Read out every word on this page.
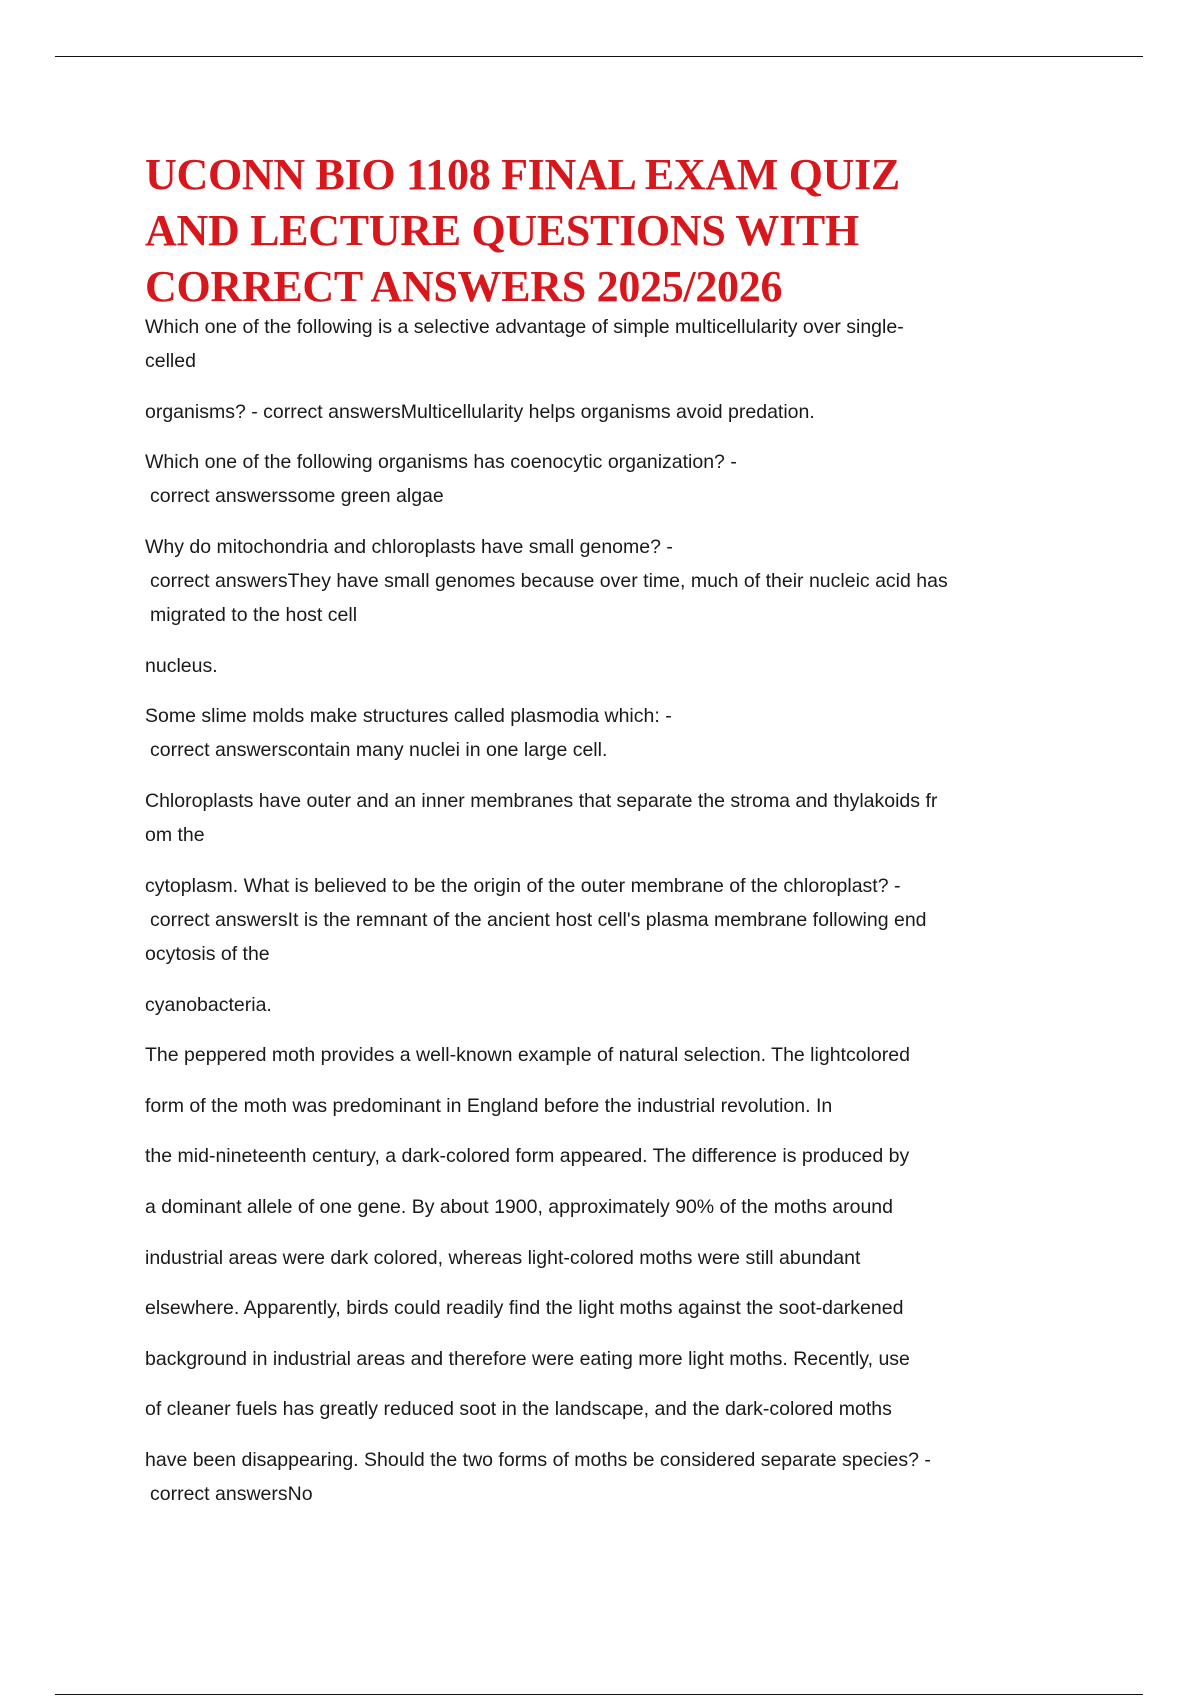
UCONN BIO 1108 FINAL EXAM QUIZ
AND LECTURE QUESTIONS WITH
CORRECT ANSWERS 2025/2026

Which one of the following is a selective advantage of simple multicellularity over single-

celled

organisms? - correct answersMulticellularity helps organisms avoid predation.

Which one of the following organisms has coenocytic organization? -

correct answerssome green algae

Why do mitochondria and chloroplasts have small genome? -

correct answersThey have small genomes because over time, much of their nucleic acid has

migrated to the host cell

nucleus.

Some slime molds make structures called plasmodia which: -

correct answerscontain many nuclei in one large cell.

Chloroplasts have outer and an inner membranes that separate the stroma and thylakoids fr

om the

cytoplasm. What is believed to be the origin of the outer membrane of the chloroplast? -

correct answersIt is the remnant of the ancient host cell's plasma membrane following end

ocytosis of the

cyanobacteria.

The peppered moth provides a well-known example of natural selection. The lightcolored

form of the moth was predominant in England before the industrial revolution. In

the mid-nineteenth century, a dark-colored form appeared. The difference is produced by

a dominant allele of one gene. By about 1900, approximately 90% of the moths around

industrial areas were dark colored, whereas light-colored moths were still abundant

elsewhere. Apparently, birds could readily find the light moths against the soot-darkened

background in industrial areas and therefore were eating more light moths. Recently, use

of cleaner fuels has greatly reduced soot in the landscape, and the dark-colored moths

have been disappearing. Should the two forms of moths be considered separate species? -

correct answersNo
